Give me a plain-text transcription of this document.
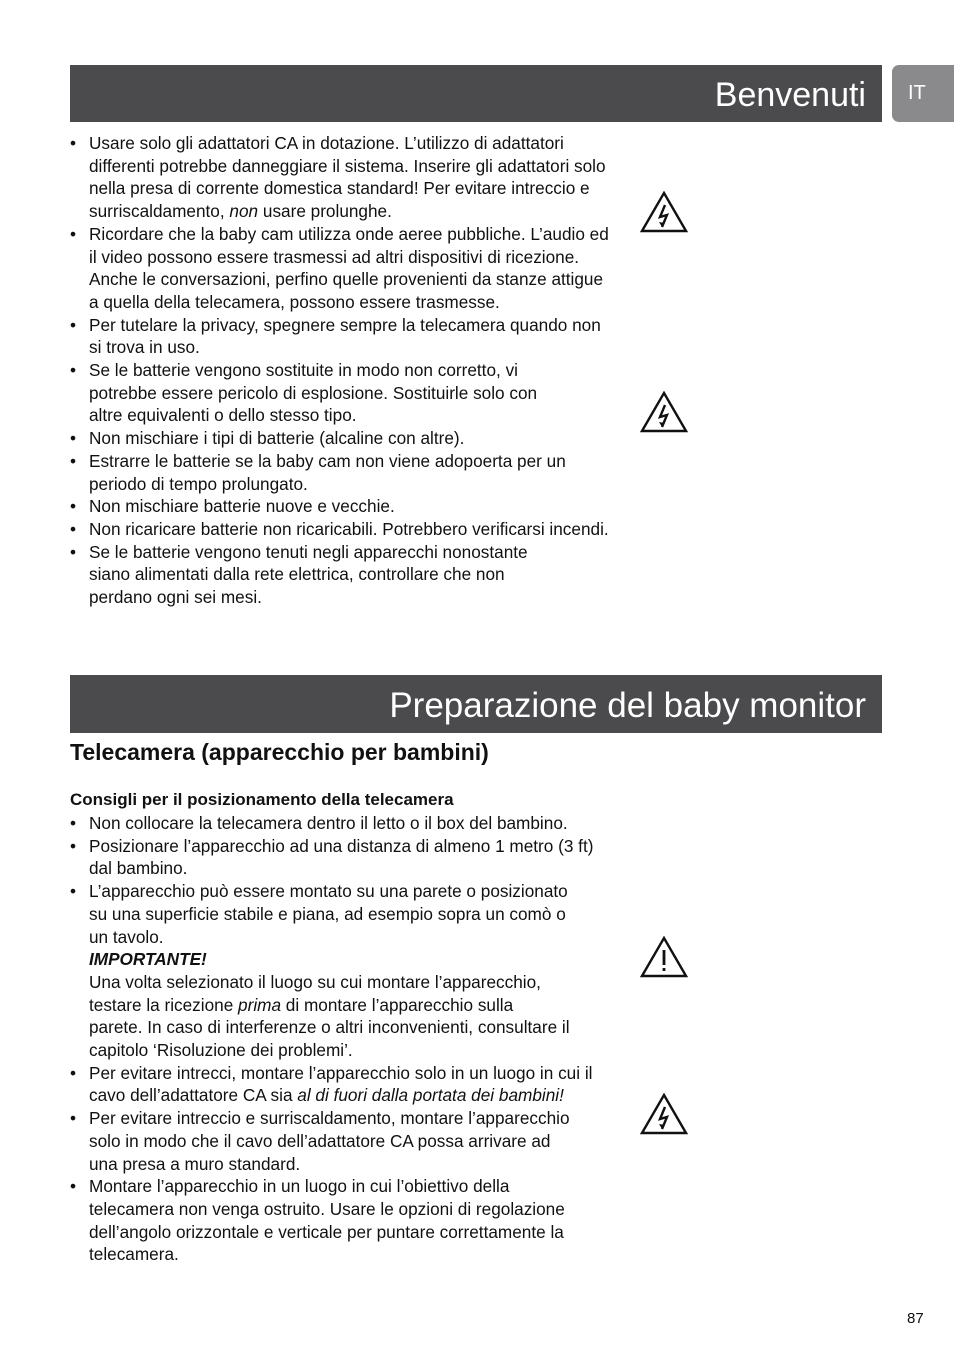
Benvenuti	IT
• Usare solo gli adattatori CA in dotazione. L’utilizzo di adattatori differenti potrebbe danneggiare il sistema. Inserire gli adattatori solo nella presa di corrente domestica standard! Per evitare intreccio e surriscaldamento, non usare prolunghe.
• Ricordare che la baby cam utilizza onde aeree pubbliche. L’audio ed il video possono essere trasmessi ad altri dispositivi di ricezione. Anche le conversazioni, perfino quelle provenienti da stanze attigue a quella della telecamera, possono essere trasmesse.
• Per tutelare la privacy, spegnere sempre la telecamera quando non si trova in uso.
• Se le batterie vengono sostituite in modo non corretto, vi potrebbe essere pericolo di esplosione. Sostituirle solo con altre equivalenti o dello stesso tipo.
• Non mischiare i tipi di batterie (alcaline con altre).
• Estrarre le batterie se la baby cam non viene adopoerta per un periodo di tempo prolungato.
• Non mischiare batterie nuove e vecchie.
• Non ricaricare batterie non ricaricabili. Potrebbero verificarsi incendi.
• Se le batterie vengono tenuti negli apparecchi nonostante siano alimentati dalla rete elettrica, controllare che non perdano ogni sei mesi.
Preparazione del baby monitor
Telecamera (apparecchio per bambini)
Consigli per il posizionamento della telecamera
• Non collocare la telecamera dentro il letto o il box del bambino.
• Posizionare l’apparecchio ad una distanza di almeno 1 metro (3 ft) dal bambino.
• L’apparecchio può essere montato su una parete o posizionato su una superficie stabile e piana, ad esempio sopra un comò o un tavolo.
IMPORTANTE!
Una volta selezionato il luogo su cui montare l’apparecchio, testare la ricezione prima di montare l’apparecchio sulla parete. In caso di interferenze o altri inconvenienti, consultare il capitolo ‘Risoluzione dei problemi’.
• Per evitare intrecci, montare l’apparecchio solo in un luogo in cui il cavo dell’adattatore CA sia al di fuori dalla portata dei bambini!
• Per evitare intreccio e surriscaldamento, montare l’apparecchio solo in modo che il cavo dell’adattatore CA possa arrivare ad una presa a muro standard.
• Montare l’apparecchio in un luogo in cui l’obiettivo della telecamera non venga ostruito. Usare le opzioni di regolazione dell’angolo orizzontale e verticale per puntare correttamente la telecamera.
87
